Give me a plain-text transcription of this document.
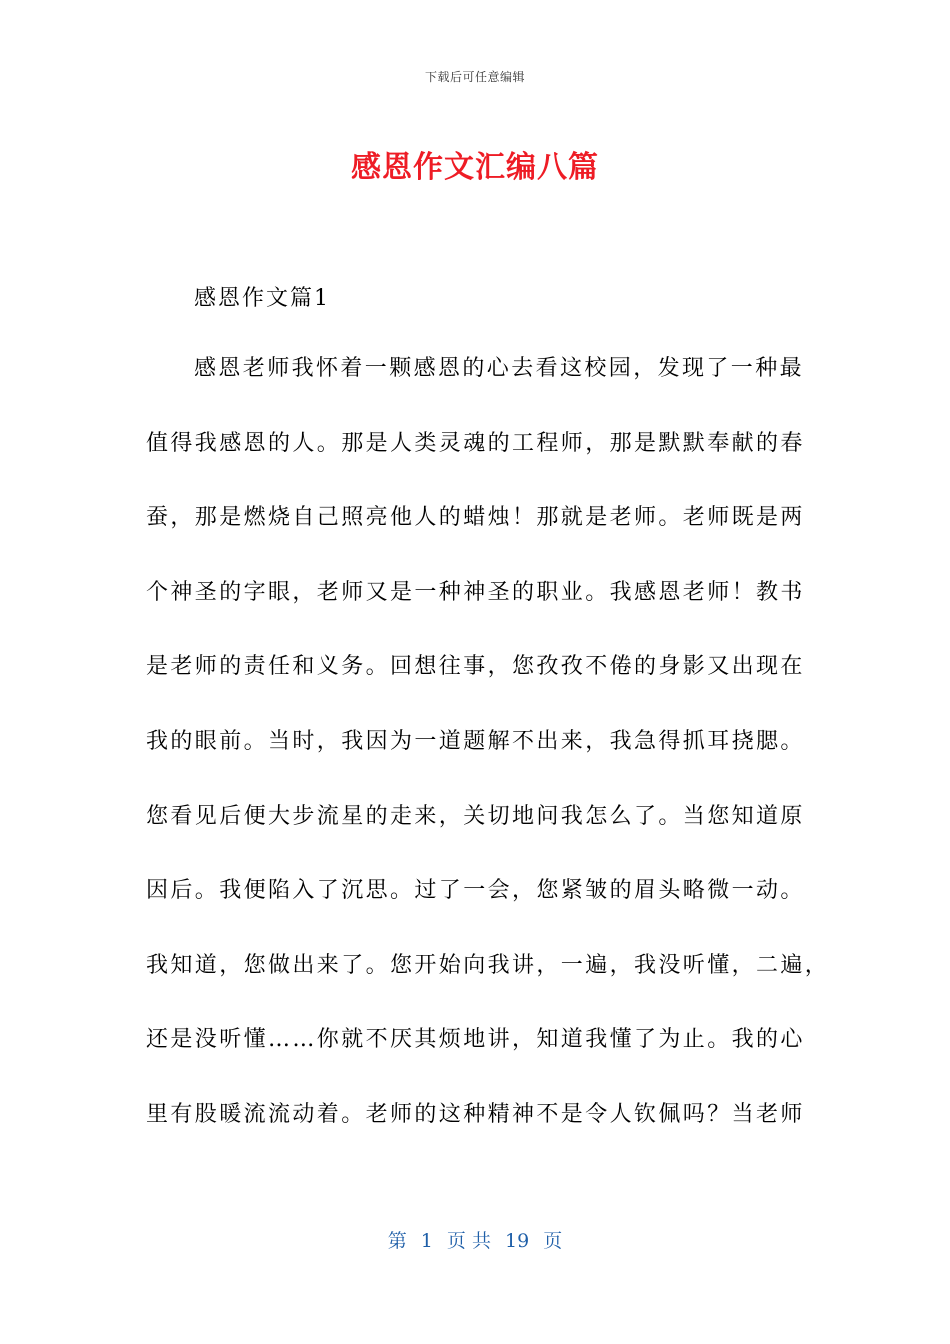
下载后可任意编辑
感恩作文汇编八篇
感恩作文篇1
感恩老师我怀着一颗感恩的心去看这校园，发现了一种最
值得我感恩的人。那是人类灵魂的工程师，那是默默奉献的春
蚕，那是燃烧自己照亮他人的蜡烛！那就是老师。老师既是两
个神圣的字眼，老师又是一种神圣的职业。我感恩老师！教书
是老师的责任和义务。回想往事，您孜孜不倦的身影又出现在
我的眼前。当时，我因为一道题解不出来，我急得抓耳挠腮。
您看见后便大步流星的走来，关切地问我怎么了。当您知道原
因后。我便陷入了沉思。过了一会，您紧皱的眉头略微一动。
我知道，您做出来了。您开始向我讲，一遍，我没听懂，二遍，
还是没听懂……你就不厌其烦地讲，知道我懂了为止。我的心
里有股暖流流动着。老师的这种精神不是令人钦佩吗？当老师
第 1 页 共 19 页
